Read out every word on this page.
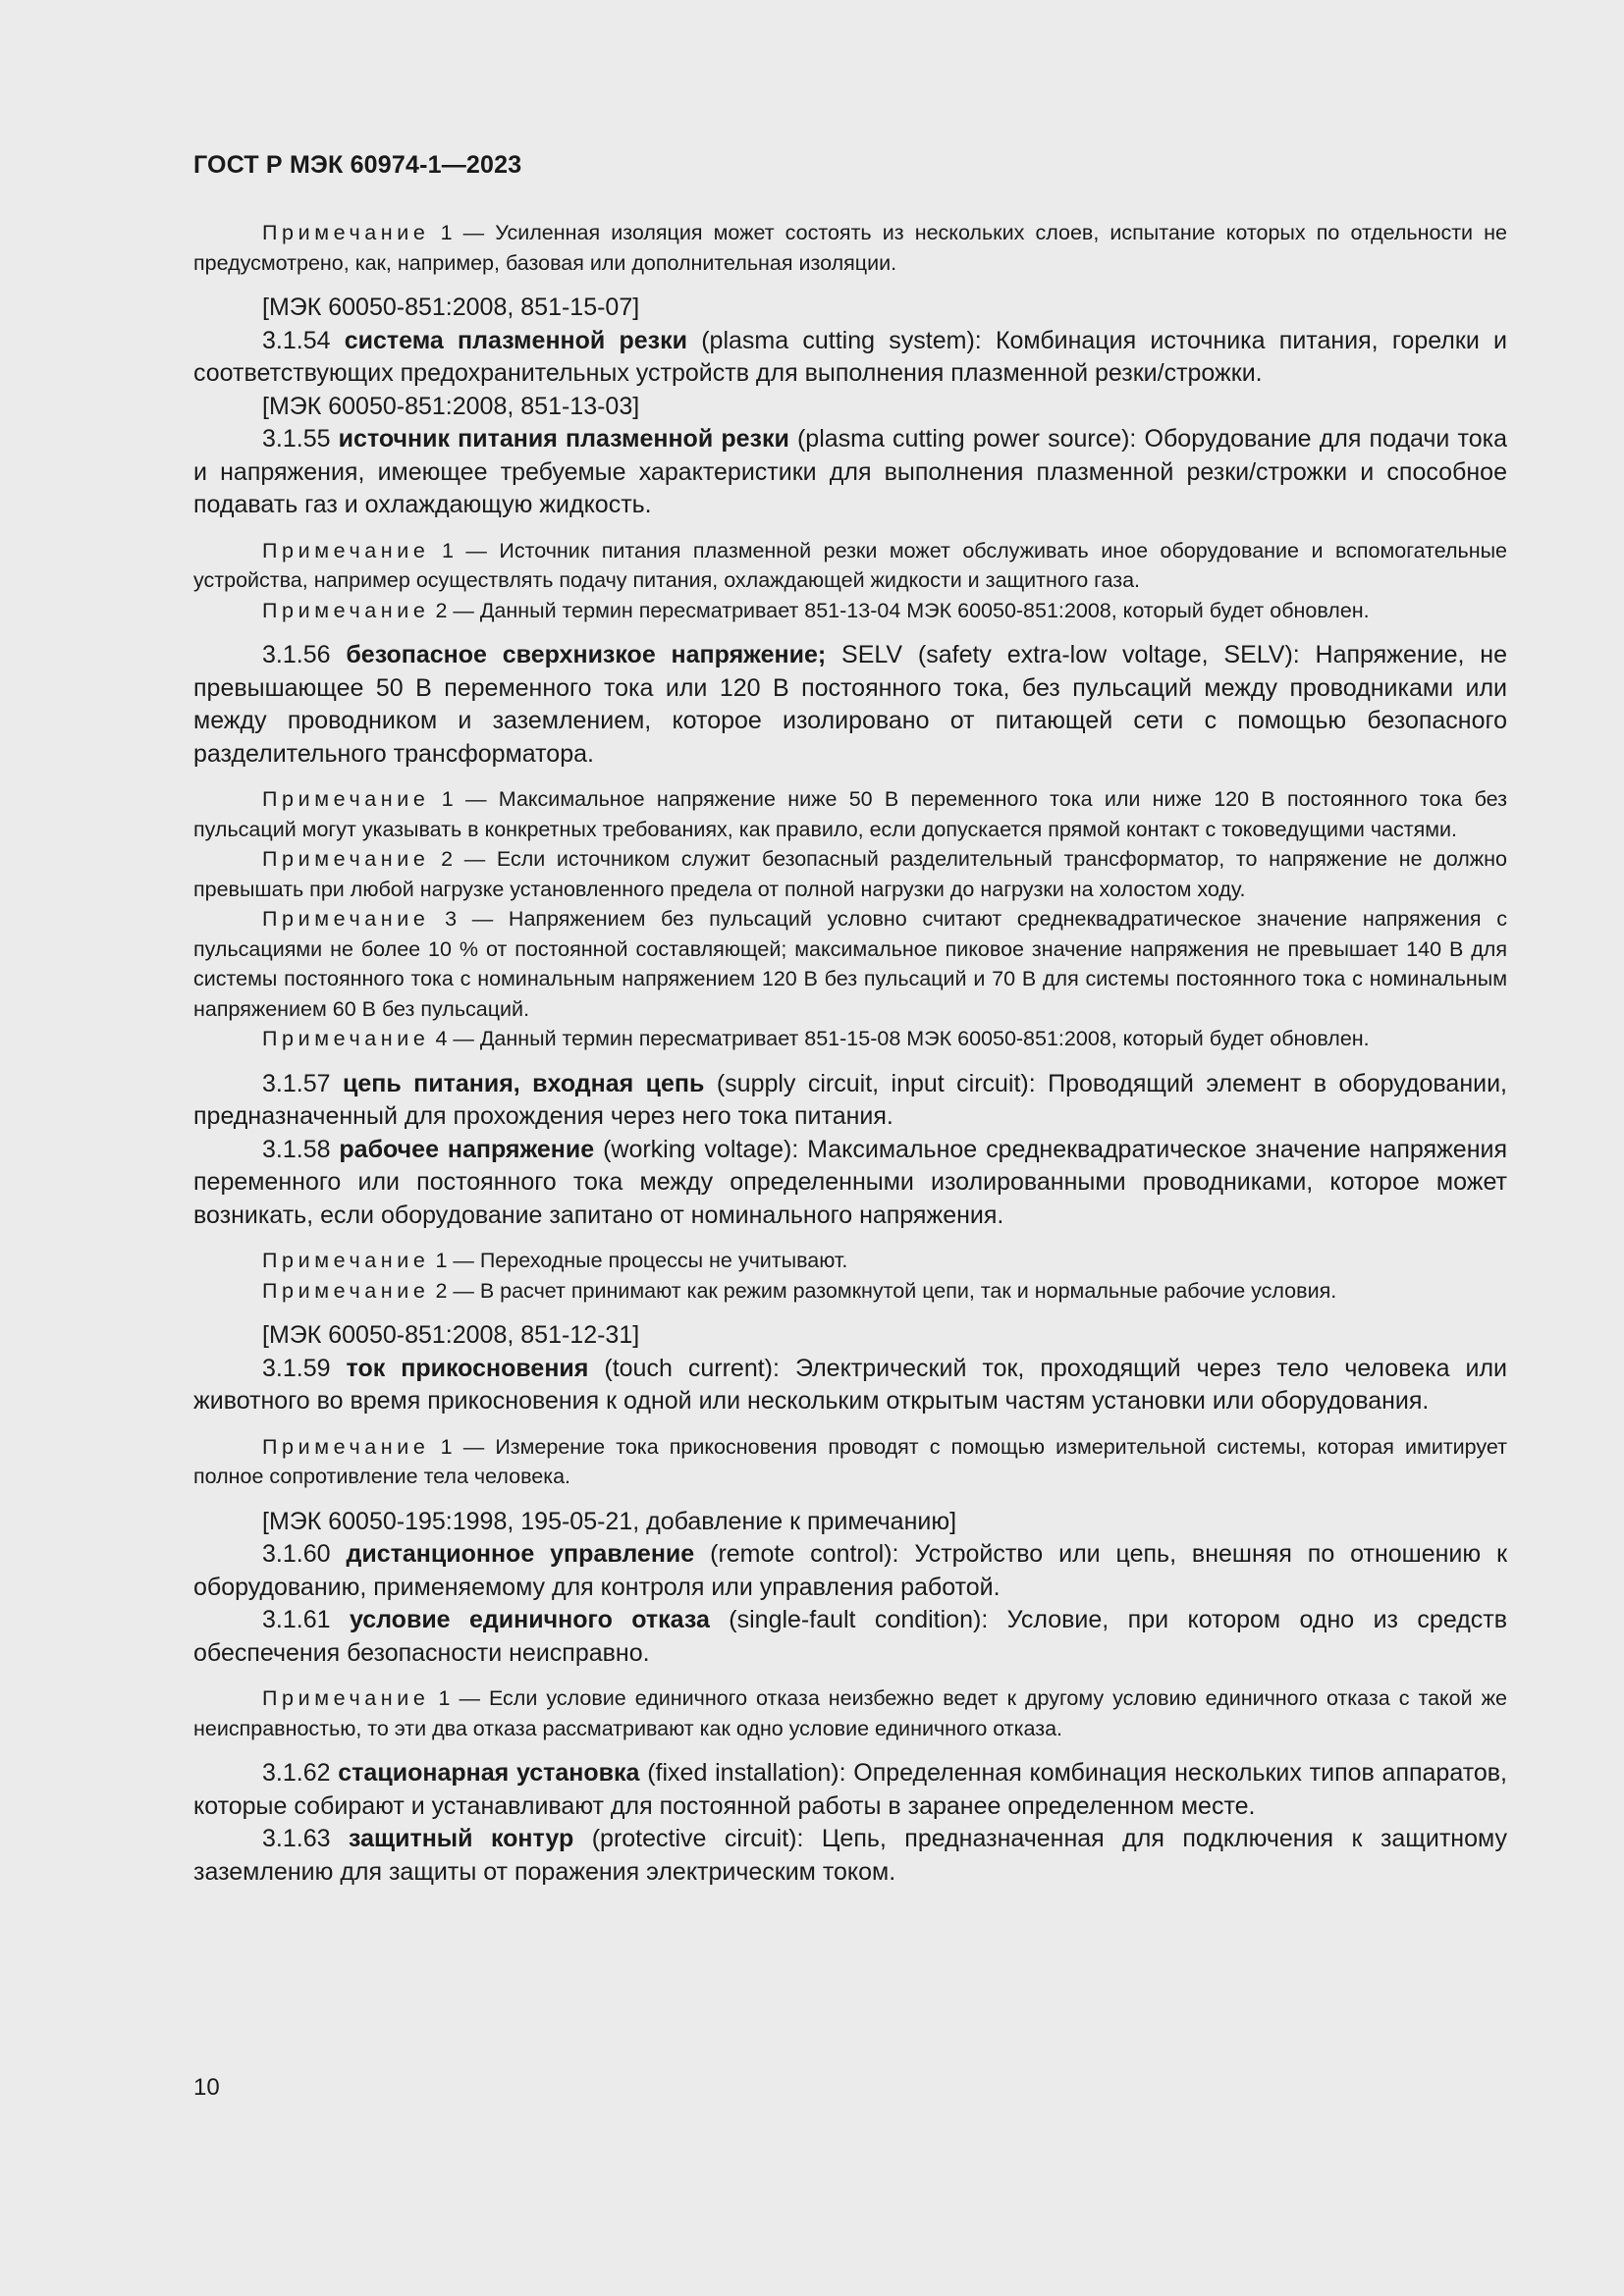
ГОСТ Р МЭК 60974-1—2023

Примечание 1 — Усиленная изоляция может состоять из нескольких слоев, испытание которых по отдельности не предусмотрено, как, например, базовая или дополнительная изоляции.

[МЭК 60050-851:2008, 851-15-07]

3.1.54 система плазменной резки (plasma cutting system): Комбинация источника питания, горелки и соответствующих предохранительных устройств для выполнения плазменной резки/строжки.

[МЭК 60050-851:2008, 851-13-03]

3.1.55 источник питания плазменной резки (plasma cutting power source): Оборудование для подачи тока и напряжения, имеющее требуемые характеристики для выполнения плазменной резки/строжки и способное подавать газ и охлаждающую жидкость.

Примечание 1 — Источник питания плазменной резки может обслуживать иное оборудование и вспомогательные устройства, например осуществлять подачу питания, охлаждающей жидкости и защитного газа.

Примечание 2 — Данный термин пересматривает 851-13-04 МЭК 60050-851:2008, который будет обновлен.

3.1.56 безопасное сверхнизкое напряжение; SELV (safety extra-low voltage, SELV): Напряжение, не превышающее 50 В переменного тока или 120 В постоянного тока, без пульсаций между проводниками или между проводником и заземлением, которое изолировано от питающей сети с помощью безопасного разделительного трансформатора.

Примечание 1 — Максимальное напряжение ниже 50 В переменного тока или ниже 120 В постоянного тока без пульсаций могут указывать в конкретных требованиях, как правило, если допускается прямой контакт с токоведущими частями.

Примечание 2 — Если источником служит безопасный разделительный трансформатор, то напряжение не должно превышать при любой нагрузке установленного предела от полной нагрузки до нагрузки на холостом ходу.

Примечание 3 — Напряжением без пульсаций условно считают среднеквадратическое значение напряжения с пульсациями не более 10 % от постоянной составляющей; максимальное пиковое значение напряжения не превышает 140 В для системы постоянного тока с номинальным напряжением 120 В без пульсаций и 70 В для системы постоянного тока с номинальным напряжением 60 В без пульсаций.

Примечание 4 — Данный термин пересматривает 851-15-08 МЭК 60050-851:2008, который будет обновлен.

3.1.57 цепь питания, входная цепь (supply circuit, input circuit): Проводящий элемент в оборудовании, предназначенный для прохождения через него тока питания.

3.1.58 рабочее напряжение (working voltage): Максимальное среднеквадратическое значение напряжения переменного или постоянного тока между определенными изолированными проводниками, которое может возникать, если оборудование запитано от номинального напряжения.

Примечание 1 — Переходные процессы не учитывают.

Примечание 2 — В расчет принимают как режим разомкнутой цепи, так и нормальные рабочие условия.

[МЭК 60050-851:2008, 851-12-31]

3.1.59 ток прикосновения (touch current): Электрический ток, проходящий через тело человека или животного во время прикосновения к одной или нескольким открытым частям установки или оборудования.

Примечание 1 — Измерение тока прикосновения проводят с помощью измерительной системы, которая имитирует полное сопротивление тела человека.

[МЭК 60050-195:1998, 195-05-21, добавление к примечанию]

3.1.60 дистанционное управление (remote control): Устройство или цепь, внешняя по отношению к оборудованию, применяемому для контроля или управления работой.

3.1.61 условие единичного отказа (single-fault condition): Условие, при котором одно из средств обеспечения безопасности неисправно.

Примечание 1 — Если условие единичного отказа неизбежно ведет к другому условию единичного отказа с такой же неисправностью, то эти два отказа рассматривают как одно условие единичного отказа.

3.1.62 стационарная установка (fixed installation): Определенная комбинация нескольких типов аппаратов, которые собирают и устанавливают для постоянной работы в заранее определенном месте.

3.1.63 защитный контур (protective circuit): Цепь, предназначенная для подключения к защитному заземлению для защиты от поражения электрическим током.

10
